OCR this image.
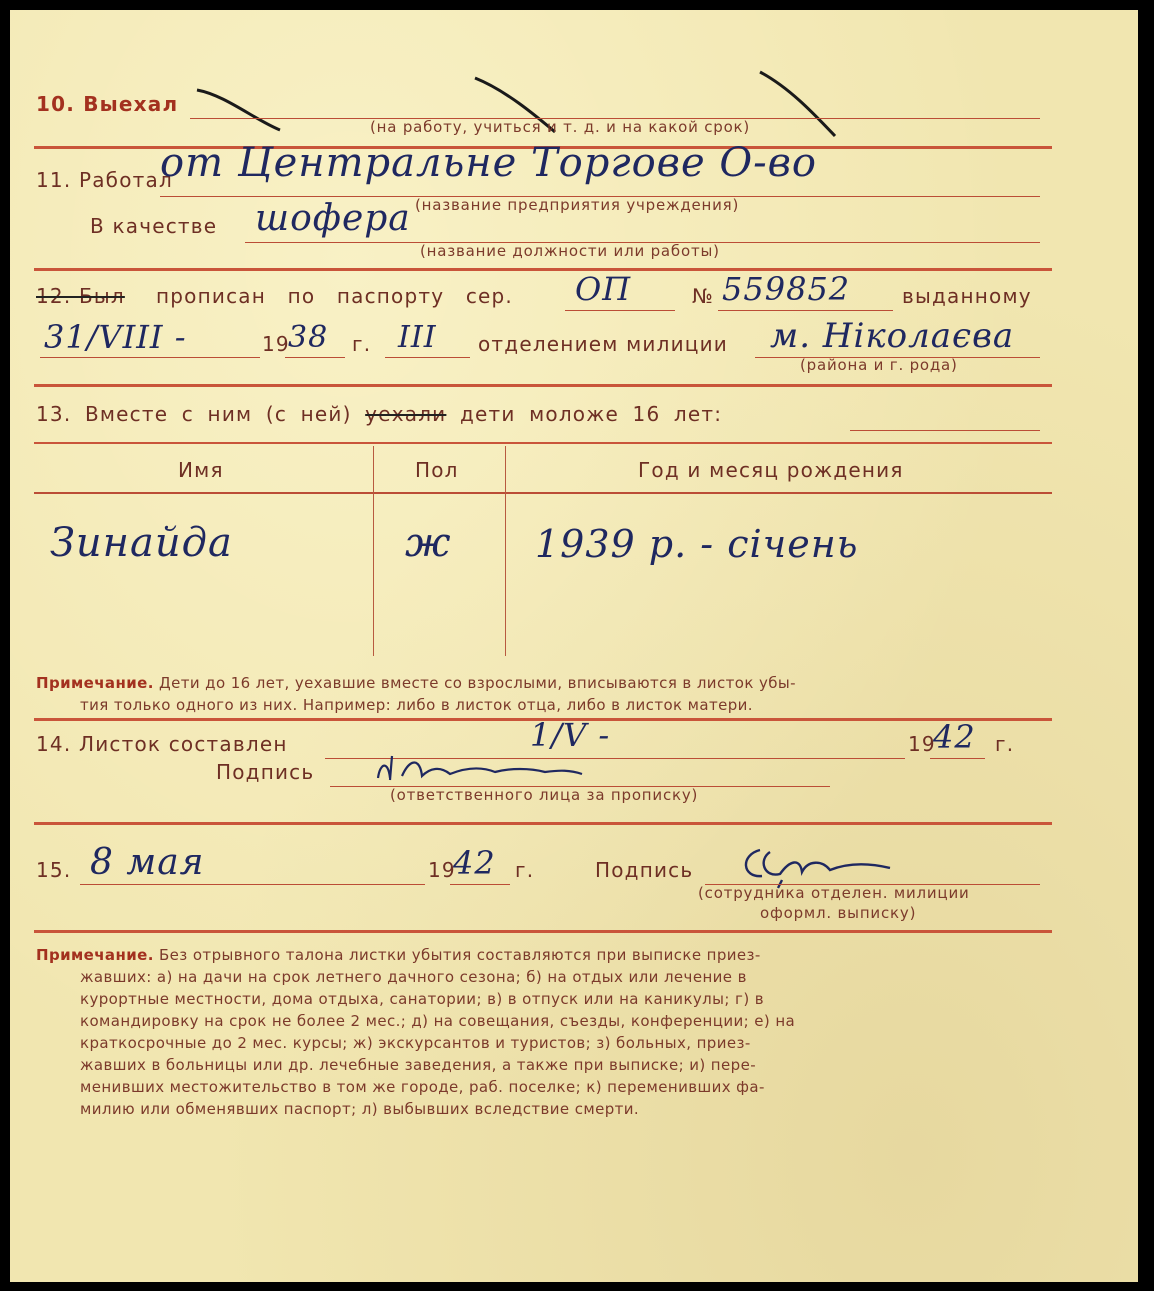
10. Выехал
(на работу, учиться и т. д. и на какой срок)
11. Работал
от Центральне Торгове О-во
(название предприятия учреждения)
В качестве шофера
(название должности или работы)
12. Был прописан по паспорту сер. ОП	№ 559852	выданному
31/VIII -	19
38 г. III отделением милиции м. Ніколаєва
(района и г. рода)
13. Вместе с ним (с ней) уехали дети моложе 16 лет:
Имя	Пол	Год и месяц рождения
Зинайда	ж 1939 р. - січень
Примечание. Дети до 16 лет, уехавшие вместе со взрослыми, вписываются в листок убы-
тия только одного из них. Например: либо в листок отца, либо в листок матери.
14. Листок составлен	1/V -	19
42 г.
Подпись
(ответственного лица за прописку)
15. 8 мая	19
42 г.	Подпись
(сотрудника отделен. милиции
оформл. выписку)
Примечание. Без отрывного талона листки убытия составляются при выписке приез-
жавших: а) на дачи на срок летнего дачного сезона; б) на отдых или лечение в
курортные местности, дома отдыха, санатории; в) в отпуск или на каникулы; г) в
командировку на срок не более 2 мес.; д) на совещания, съезды, конференции; е) на
краткосрочные до 2 мес. курсы; ж) экскурсантов и туристов; з) больных, приез-
жавших в больницы или др. лечебные заведения, а также при выписке; и) пере-
менивших местожительство в том же городе, раб. поселке; к) переменивших фа-
милию или обменявших паспорт; л) выбывших вследствие смерти.
